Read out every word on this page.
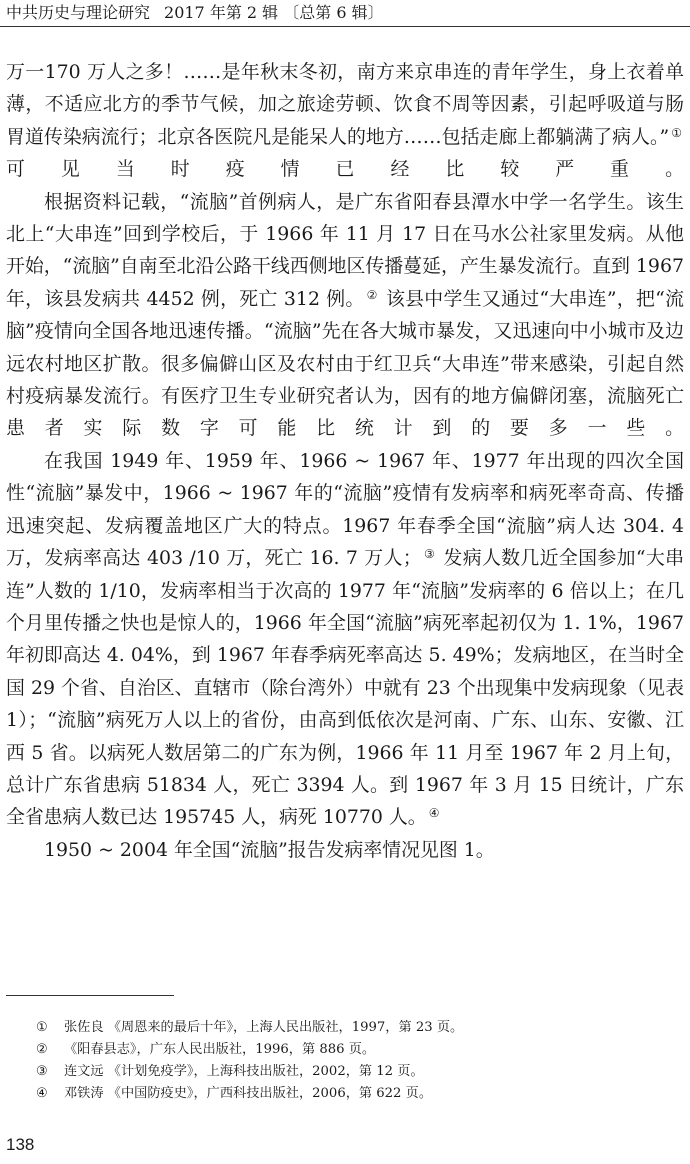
中共历史与理论研究 2017 年第 2 辑 〔总第 6 辑〕

万一170 万人之多！……是年秋末冬初，南方来京串连的青年学生，身上衣着单薄，不适应北方的季节气候，加之旅途劳顿、饮食不周等因素，引起呼吸道与肠胃道传染病流行；北京各医院凡是能呆人的地方……包括走廊上都躺满了病人。” ① 可见当时疫情已经比较严重。

根据资料记载，“流脑”首例病人，是广东省阳春县潭水中学一名学生。该生北上“大串连”回到学校后，于 1966 年 11 月 17 日在马水公社家里发病。从他开始，“流脑”自南至北沿公路干线西侧地区传播蔓延，产生暴发流行。直到 1967 年，该县发病共 4452 例，死亡 312 例。 ② 该县中学生又通过“大串连”，把“流脑”疫情向全国各地迅速传播。“流脑”先在各大城市暴发，又迅速向中小城市及边远农村地区扩散。很多偏僻山区及农村由于红卫兵“大串连”带来感染，引起自然村疫病暴发流行。有医疗卫生专业研究者认为，因有的地方偏僻闭塞，流脑死亡患者实际数字可能比统计到的要多一些。

在我国 1949 年、1959 年、1966 ~ 1967 年、1977 年出现的四次全国性“流脑”暴发中，1966 ~ 1967 年的“流脑”疫情有发病率和病死率奇高、传播迅速突起、发病覆盖地区广大的特点。1967 年春季全国“流脑”病人达 304. 4 万，发病率高达 403 /10 万，死亡 16. 7 万人； ③ 发病人数几近全国参加“大串连”人数的 1/10，发病率相当于次高的 1977 年“流脑”发病率的 6 倍以上；在几个月里传播之快也是惊人的，1966 年全国“流脑”病死率起初仅为 1. 1%，1967 年初即高达 4. 04%，到 1967 年春季病死率高达 5. 49%；发病地区，在当时全国 29 个省、自治区、直辖市（除台湾外）中就有 23 个出现集中发病现象（见表 1）；“流脑”病死万人以上的省份，由高到低依次是河南、广东、山东、安徽、江西 5 省。以病死人数居第二的广东为例，1966 年 11 月至 1967 年 2 月上旬，总计广东省患病 51834 人，死亡 3394 人。到 1967 年 3 月 15 日统计，广东全省患病人数已达 195745 人，病死 10770 人。 ④

1950 ~ 2004 年全国“流脑”报告发病率情况见图 1。

① 张佐良 《周恩来的最后十年》，上海人民出版社，1997，第 23 页。
② 《阳春县志》，广东人民出版社，1996，第 886 页。
③ 连文远 《计划免疫学》，上海科技出版社，2002，第 12 页。
④ 邓铁涛 《中国防疫史》，广西科技出版社，2006，第 622 页。
138
